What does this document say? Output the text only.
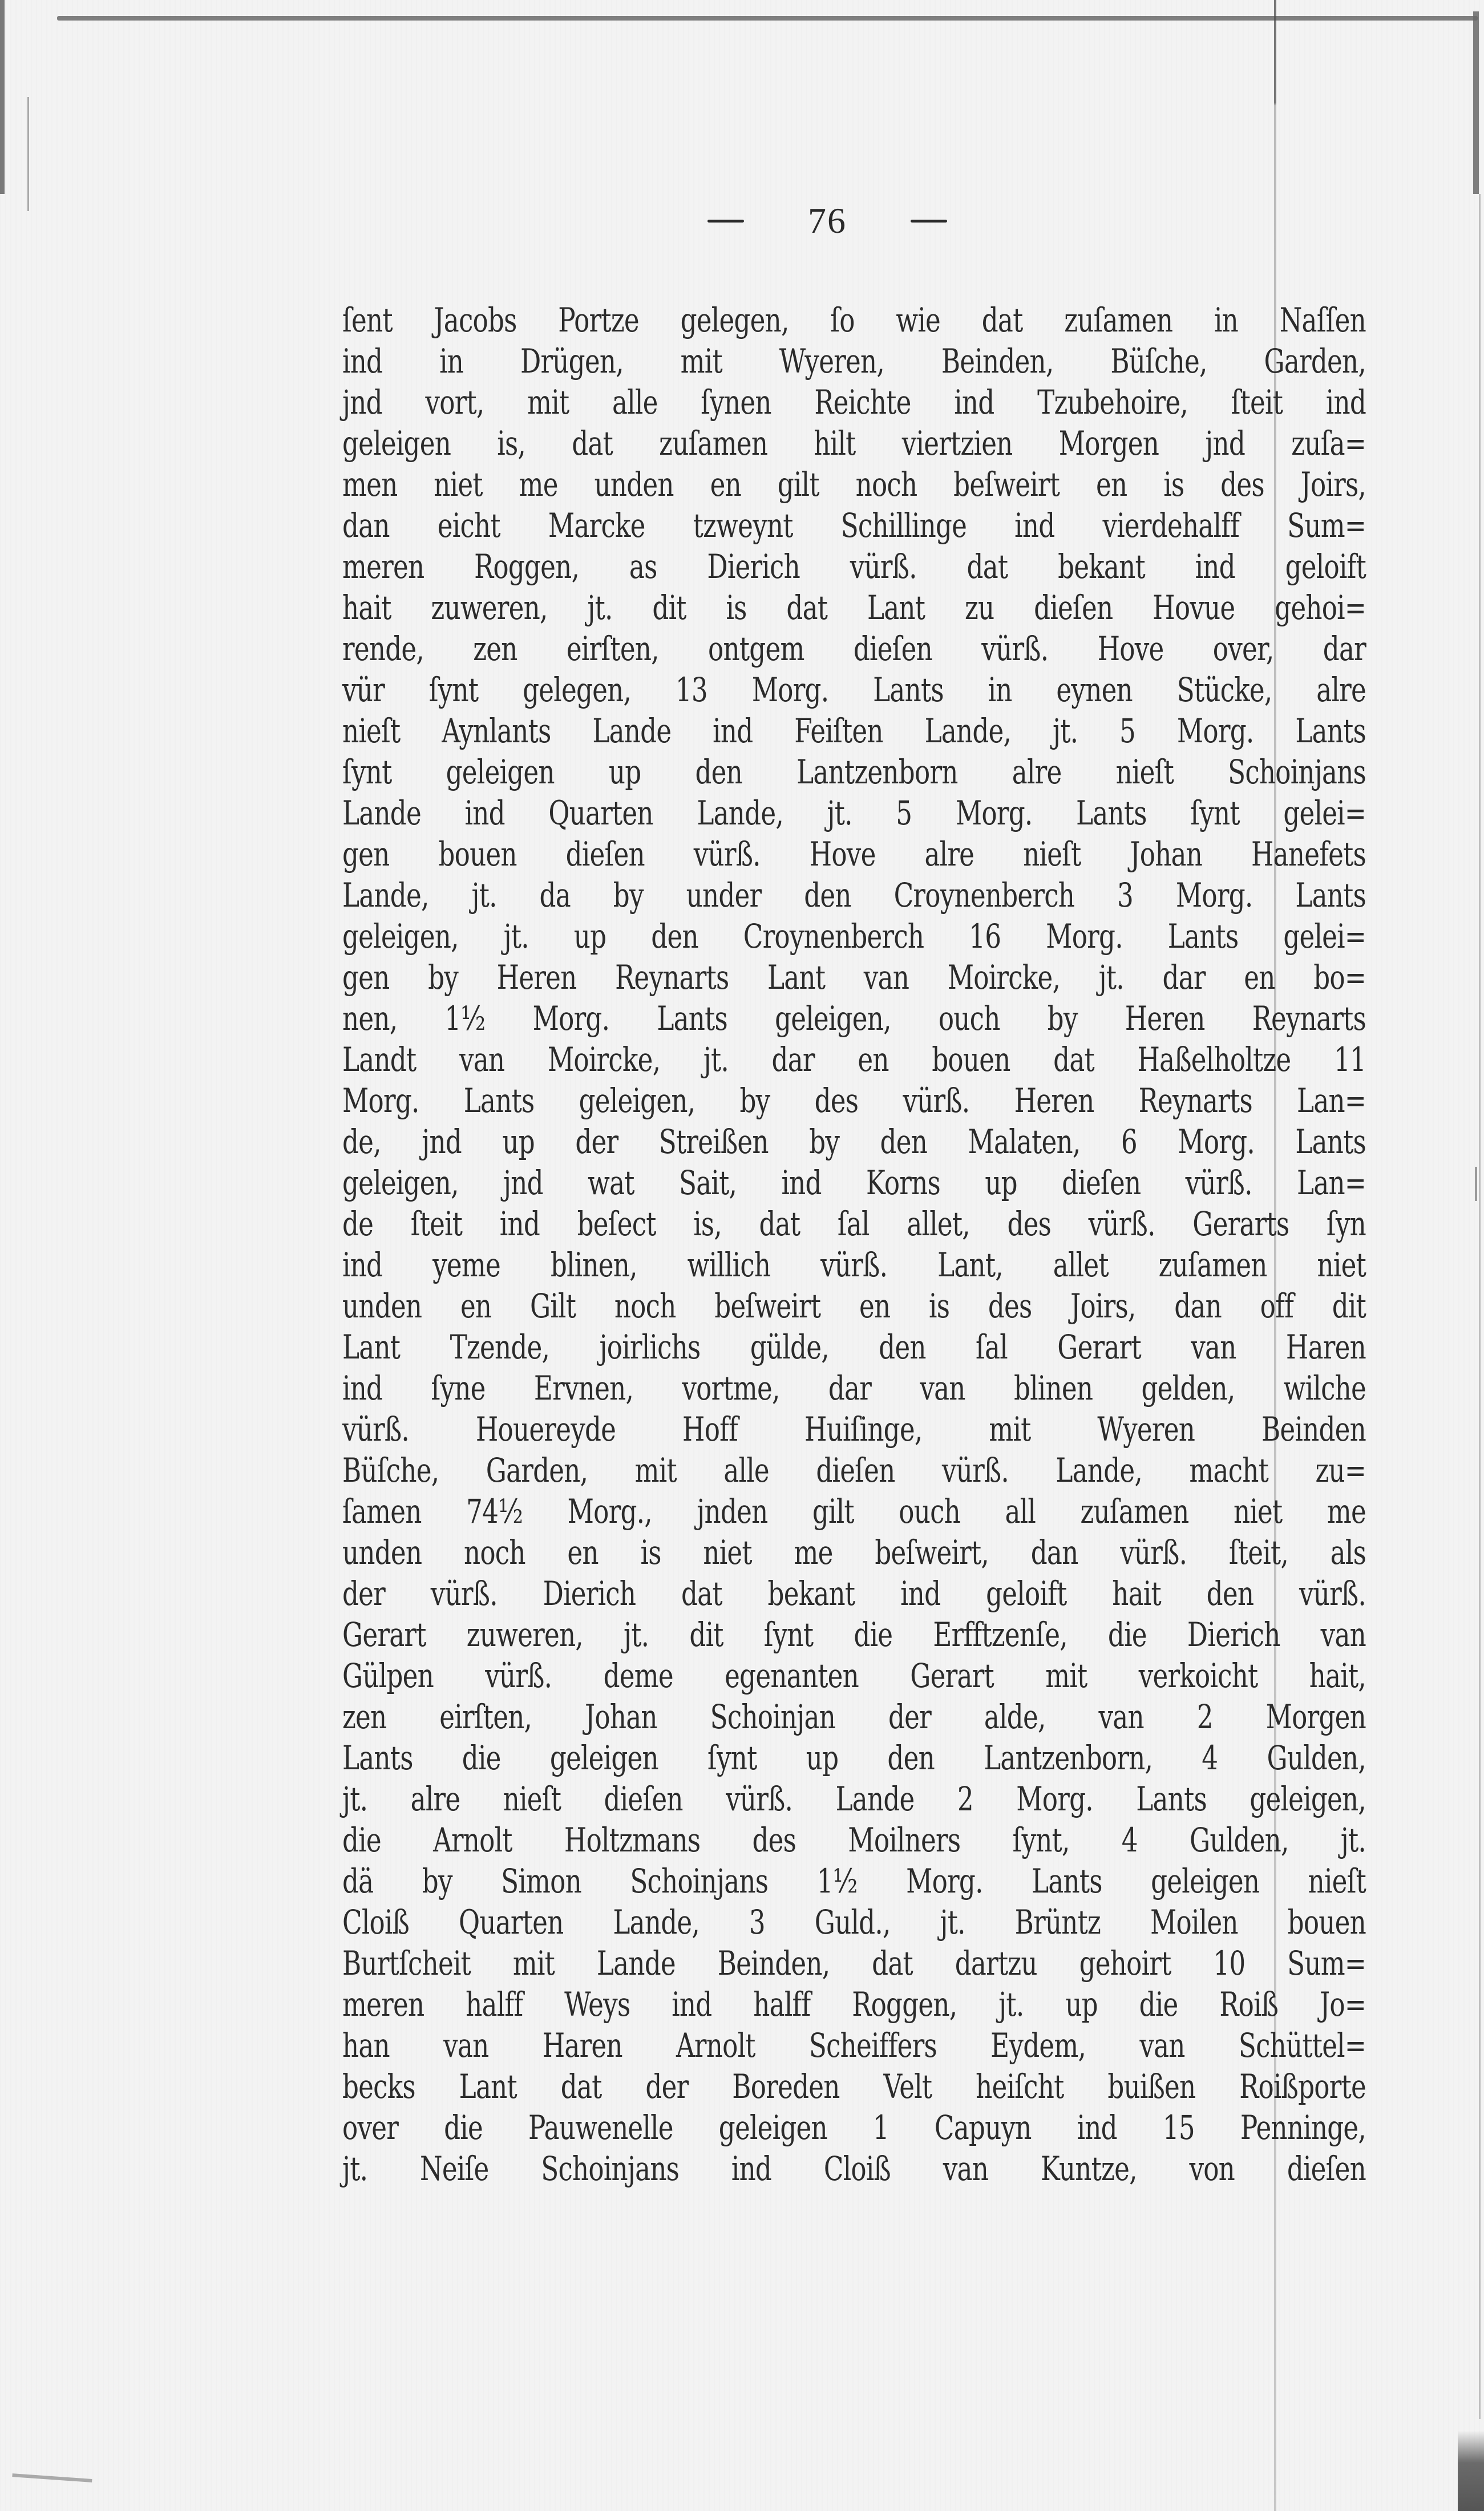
76
ſent Jacobs Portze gelegen, ſo wie dat zuſamen in Naſſen
ind in Drügen, mit Wyeren, Beinden, Büſche, Garden,
jnd vort, mit alle ſynen Reichte ind Tzubehoire, ſteit ind
geleigen is, dat zuſamen hilt viertzien Morgen jnd zuſa=
men niet me unden en gilt noch beſweirt en is des Joirs,
dan eicht Marcke tzweynt Schillinge ind vierdehalff Sum=
meren Roggen, as Dierich vürß. dat bekant ind geloift
hait zuweren, jt. dit is dat Lant zu dieſen Hovue gehoi=
rende, zen eirſten, ontgem dieſen vürß. Hove over, dar
vür ſynt gelegen, 13 Morg. Lants in eynen Stücke, alre
nieſt Aynlants Lande ind Feiſten Lande, jt. 5 Morg. Lants
ſynt geleigen up den Lantzenborn alre nieſt Schoinjans
Lande ind Quarten Lande, jt. 5 Morg. Lants ſynt gelei=
gen bouen dieſen vürß. Hove alre nieſt Johan Hanefets
Lande, jt. da by under den Croynenberch 3 Morg. Lants
geleigen, jt. up den Croynenberch 16 Morg. Lants gelei=
gen by Heren Reynarts Lant van Moircke, jt. dar en bo=
nen, 1½ Morg. Lants geleigen, ouch by Heren Reynarts
Landt van Moircke, jt. dar en bouen dat Haßelholtze 11
Morg. Lants geleigen, by des vürß. Heren Reynarts Lan=
de, jnd up der Streißen by den Malaten, 6 Morg. Lants
geleigen, jnd wat Sait, ind Korns up dieſen vürß. Lan=
de ſteit ind beſect is, dat ſal allet, des vürß. Gerarts ſyn
ind yeme blinen, willich vürß. Lant, allet zuſamen niet
unden en Gilt noch beſweirt en is des Joirs, dan off dit
Lant Tzende, joirlichs gülde, den ſal Gerart van Haren
ind ſyne Ervnen, vortme, dar van blinen gelden, wilche
vürß. Houereyde Hoff Huiſinge, mit Wyeren Beinden
Büſche, Garden, mit alle dieſen vürß. Lande, macht zu=
ſamen 74½ Morg., jnden gilt ouch all zuſamen niet me
unden noch en is niet me beſweirt, dan vürß. ſteit, als
der vürß. Dierich dat bekant ind geloift hait den vürß.
Gerart zuweren, jt. dit ſynt die Erfftzenſe, die Dierich van
Gülpen vürß. deme egenanten Gerart mit verkoicht hait,
zen eirſten, Johan Schoinjan der alde, van 2 Morgen
Lants die geleigen ſynt up den Lantzenborn, 4 Gulden,
jt. alre nieſt dieſen vürß. Lande 2 Morg. Lants geleigen,
die Arnolt Holtzmans des Moilners ſynt, 4 Gulden, jt.
dä by Simon Schoinjans 1½ Morg. Lants geleigen nieſt
Cloiß Quarten Lande, 3 Guld., jt. Brüntz Moilen bouen
Burtſcheit mit Lande Beinden, dat dartzu gehoirt 10 Sum=
meren halff Weys ind halff Roggen, jt. up die Roiß Jo=
han van Haren Arnolt Scheiffers Eydem, van Schüttel=
becks Lant dat der Boreden Velt heiſcht buißen Roißporte
over die Pauwenelle geleigen 1 Capuyn ind 15 Penninge,
jt. Neiſe Schoinjans ind Cloiß van Kuntze, von dieſen
